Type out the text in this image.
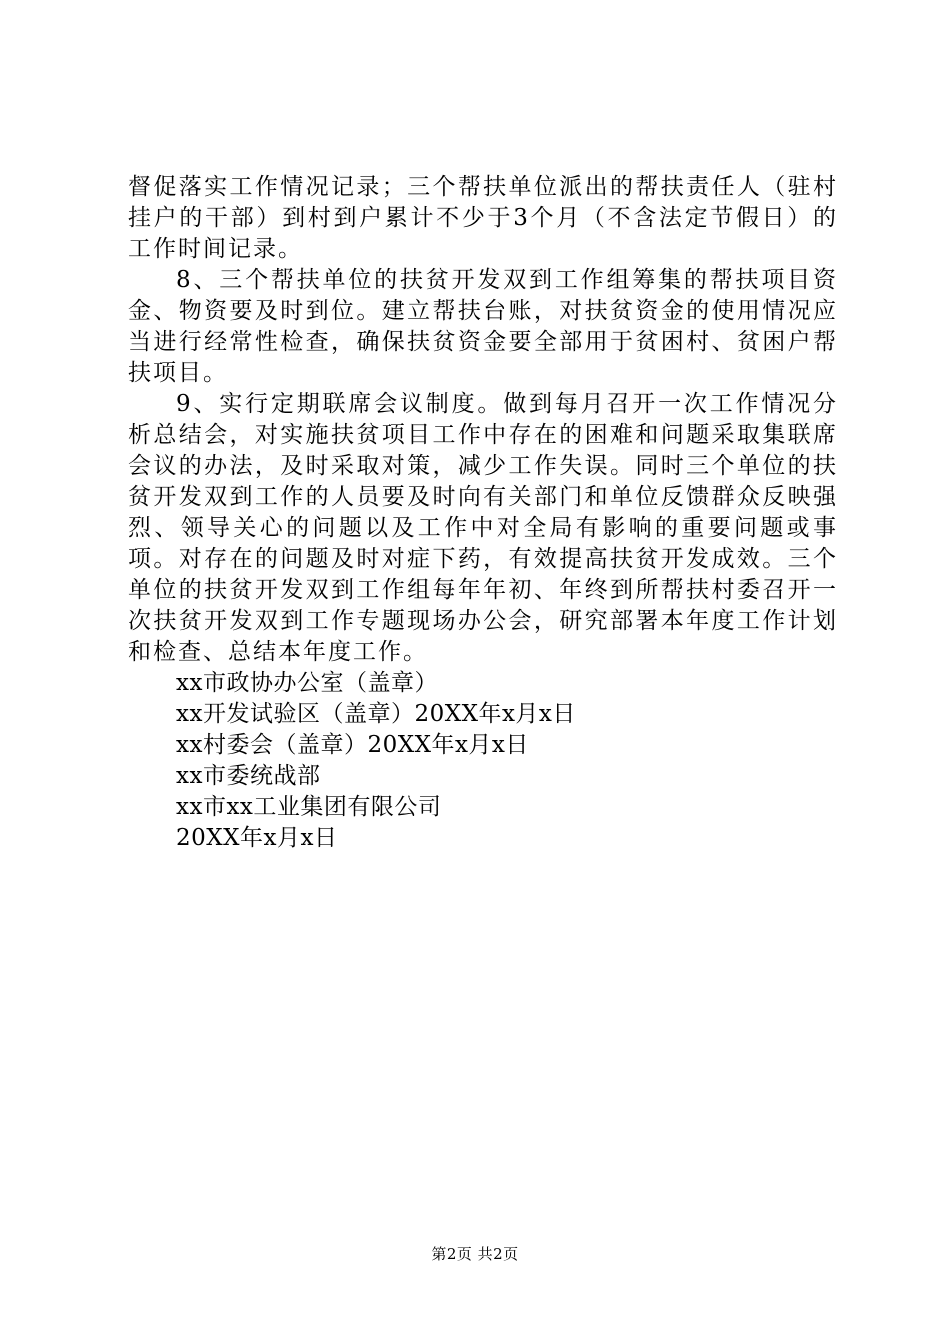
督促落实工作情况记录；三个帮扶单位派出的帮扶责任人（驻村挂户的干部）到村到户累计不少于3个月（不含法定节假日）的工作时间记录。

8、三个帮扶单位的扶贫开发双到工作组筹集的帮扶项目资金、物资要及时到位。建立帮扶台账，对扶贫资金的使用情况应当进行经常性检查，确保扶贫资金要全部用于贫困村、贫困户帮扶项目。

9、实行定期联席会议制度。做到每月召开一次工作情况分析总结会，对实施扶贫项目工作中存在的困难和问题采取集联席会议的办法，及时采取对策，减少工作失误。同时三个单位的扶贫开发双到工作的人员要及时向有关部门和单位反馈群众反映强烈、领导关心的问题以及工作中对全局有影响的重要问题或事项。对存在的问题及时对症下药，有效提高扶贫开发成效。三个单位的扶贫开发双到工作组每年年初、年终到所帮扶村委召开一次扶贫开发双到工作专题现场办公会，研究部署本年度工作计划和检查、总结本年度工作。

xx市政协办公室（盖章）
xx开发试验区（盖章）20XX年x月x日
xx村委会（盖章）20XX年x月x日
xx市委统战部
xx市xx工业集团有限公司
20XX年x月x日
第2页 共2页
